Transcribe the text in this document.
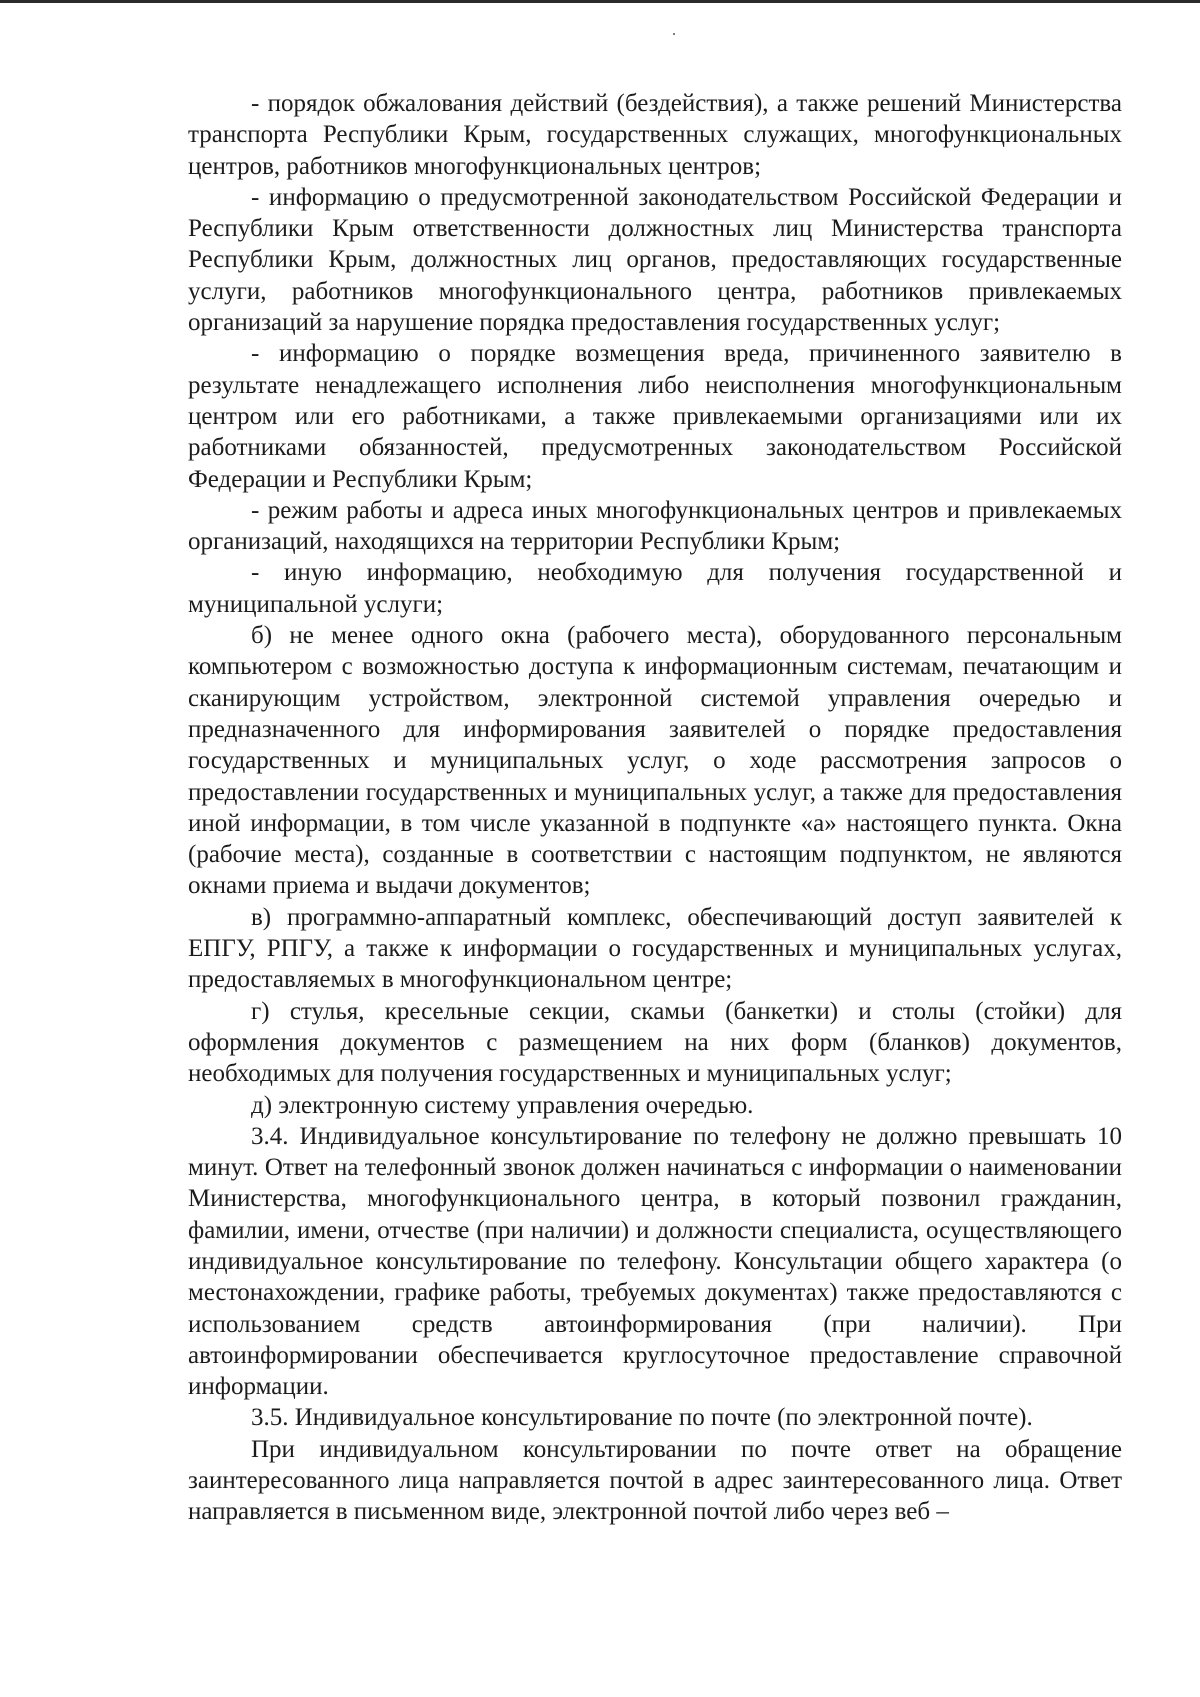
- порядок обжалования действий (бездействия), а также решений Министерства транспорта Республики Крым, государственных служащих, многофункциональных центров, работников многофункциональных центров;

- информацию о предусмотренной законодательством Российской Федерации и Республики Крым ответственности должностных лиц Министерства транспорта Республики Крым, должностных лиц органов, предоставляющих государственные услуги, работников многофункционального центра, работников привлекаемых организаций за нарушение порядка предоставления государственных услуг;

- информацию о порядке возмещения вреда, причиненного заявителю в результате ненадлежащего исполнения либо неисполнения многофункциональным центром или его работниками, а также привлекаемыми организациями или их работниками обязанностей, предусмотренных законодательством Российской Федерации и Республики Крым;

- режим работы и адреса иных многофункциональных центров и привлекаемых организаций, находящихся на территории Республики Крым;

- иную информацию, необходимую для получения государственной и муниципальной услуги;

б) не менее одного окна (рабочего места), оборудованного персональным компьютером с возможностью доступа к информационным системам, печатающим и сканирующим устройством, электронной системой управления очередью и предназначенного для информирования заявителей о порядке предоставления государственных и муниципальных услуг, о ходе рассмотрения запросов о предоставлении государственных и муниципальных услуг, а также для предоставления иной информации, в том числе указанной в подпункте «а» настоящего пункта. Окна (рабочие места), созданные в соответствии с настоящим подпунктом, не являются окнами приема и выдачи документов;

в) программно-аппаратный комплекс, обеспечивающий доступ заявителей к ЕПГУ, РПГУ, а также к информации о государственных и муниципальных услугах, предоставляемых в многофункциональном центре;

г) стулья, кресельные секции, скамьи (банкетки) и столы (стойки) для оформления документов с размещением на них форм (бланков) документов, необходимых для получения государственных и муниципальных услуг;

д) электронную систему управления очередью.

3.4. Индивидуальное консультирование по телефону не должно превышать 10 минут. Ответ на телефонный звонок должен начинаться с информации о наименовании Министерства, многофункционального центра, в который позвонил гражданин, фамилии, имени, отчестве (при наличии) и должности специалиста, осуществляющего индивидуальное консультирование по телефону. Консультации общего характера (о местонахождении, графике работы, требуемых документах) также предоставляются с использованием средств автоинформирования (при наличии). При автоинформировании обеспечивается круглосуточное предоставление справочной информации.

3.5. Индивидуальное консультирование по почте (по электронной почте).

При индивидуальном консультировании по почте ответ на обращение заинтересованного лица направляется почтой в адрес заинтересованного лица. Ответ направляется в письменном виде, электронной почтой либо через веб –
